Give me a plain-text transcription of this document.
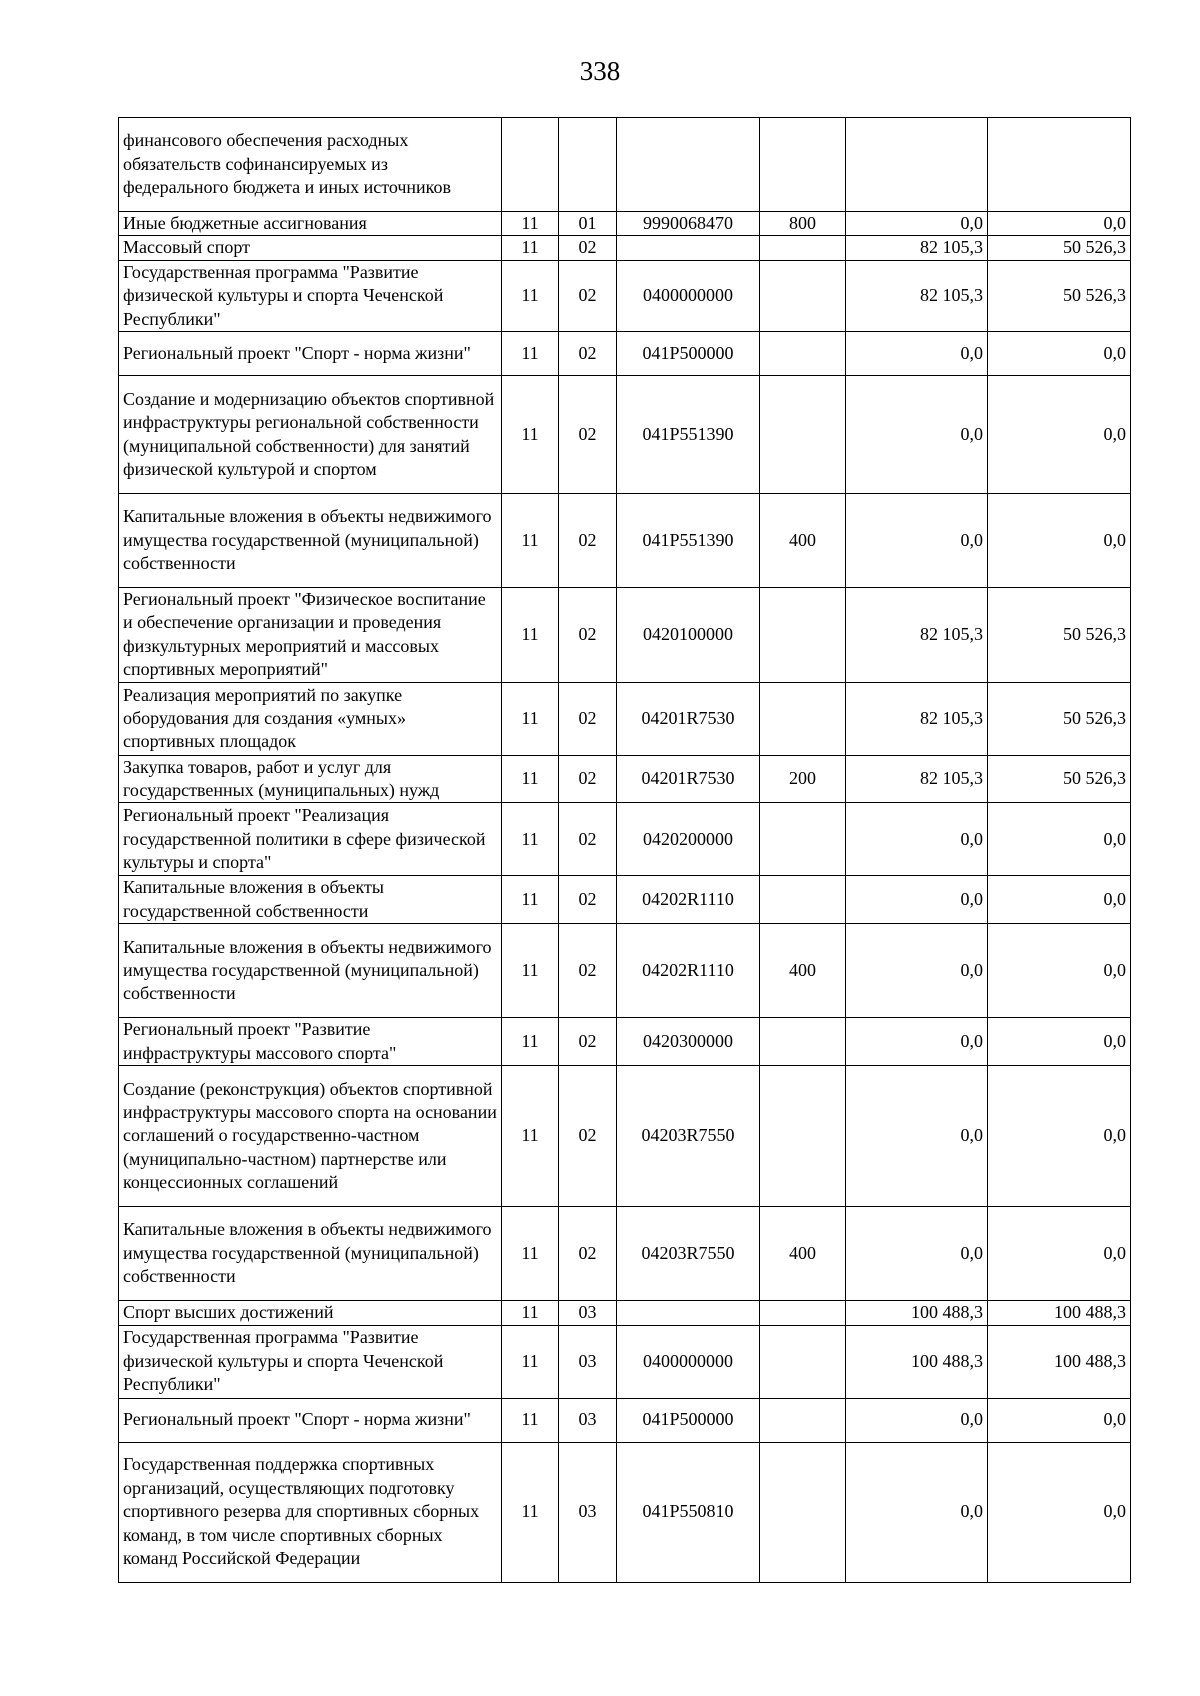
338
финансового обеспечения расходных обязательств софинансируемых из федерального бюджета и иных источников						
Иные бюджетные ассигнования	11	01	9990068470	800	0,0	0,0
Массовый спорт	11	02			82 105,3	50 526,3
Государственная программа "Развитие физической культуры и спорта Чеченской Республики"	11	02	0400000000		82 105,3	50 526,3
Региональный проект "Спорт - норма жизни"	11	02	041P500000		0,0	0,0
Создание и модернизацию объектов спортивной инфраструктуры региональной собственности (муниципальной собственности) для занятий физической культурой и спортом	11	02	041P551390		0,0	0,0
Капитальные вложения в объекты недвижимого имущества государственной (муниципальной) собственности	11	02	041P551390	400	0,0	0,0
Региональный проект "Физическое воспитание и обеспечение организации и проведения физкультурных мероприятий и массовых спортивных мероприятий"	11	02	0420100000		82 105,3	50 526,3
Реализация мероприятий по закупке оборудования для создания «умных» спортивных площадок	11	02	04201R7530		82 105,3	50 526,3
Закупка товаров, работ и услуг для государственных (муниципальных) нужд	11	02	04201R7530	200	82 105,3	50 526,3
Региональный проект "Реализация государственной политики в сфере физической культуры и спорта"	11	02	0420200000		0,0	0,0
Капитальные вложения в объекты государственной собственности	11	02	04202R1110		0,0	0,0
Капитальные вложения в объекты недвижимого имущества государственной (муниципальной) собственности	11	02	04202R1110	400	0,0	0,0
Региональный проект "Развитие инфраструктуры массового спорта"	11	02	0420300000		0,0	0,0
Создание (реконструкция) объектов спортивной инфраструктуры массового спорта на основании соглашений о государственно-частном (муниципально-частном) партнерстве или концессионных соглашений	11	02	04203R7550		0,0	0,0
Капитальные вложения в объекты недвижимого имущества государственной (муниципальной) собственности	11	02	04203R7550	400	0,0	0,0
Спорт высших достижений	11	03			100 488,3	100 488,3
Государственная программа "Развитие физической культуры и спорта Чеченской Республики"	11	03	0400000000		100 488,3	100 488,3
Региональный проект "Спорт - норма жизни"	11	03	041P500000		0,0	0,0
Государственная поддержка спортивных организаций, осуществляющих подготовку спортивного резерва для спортивных сборных команд, в том числе спортивных сборных команд Российской Федерации	11	03	041P550810		0,0	0,0
